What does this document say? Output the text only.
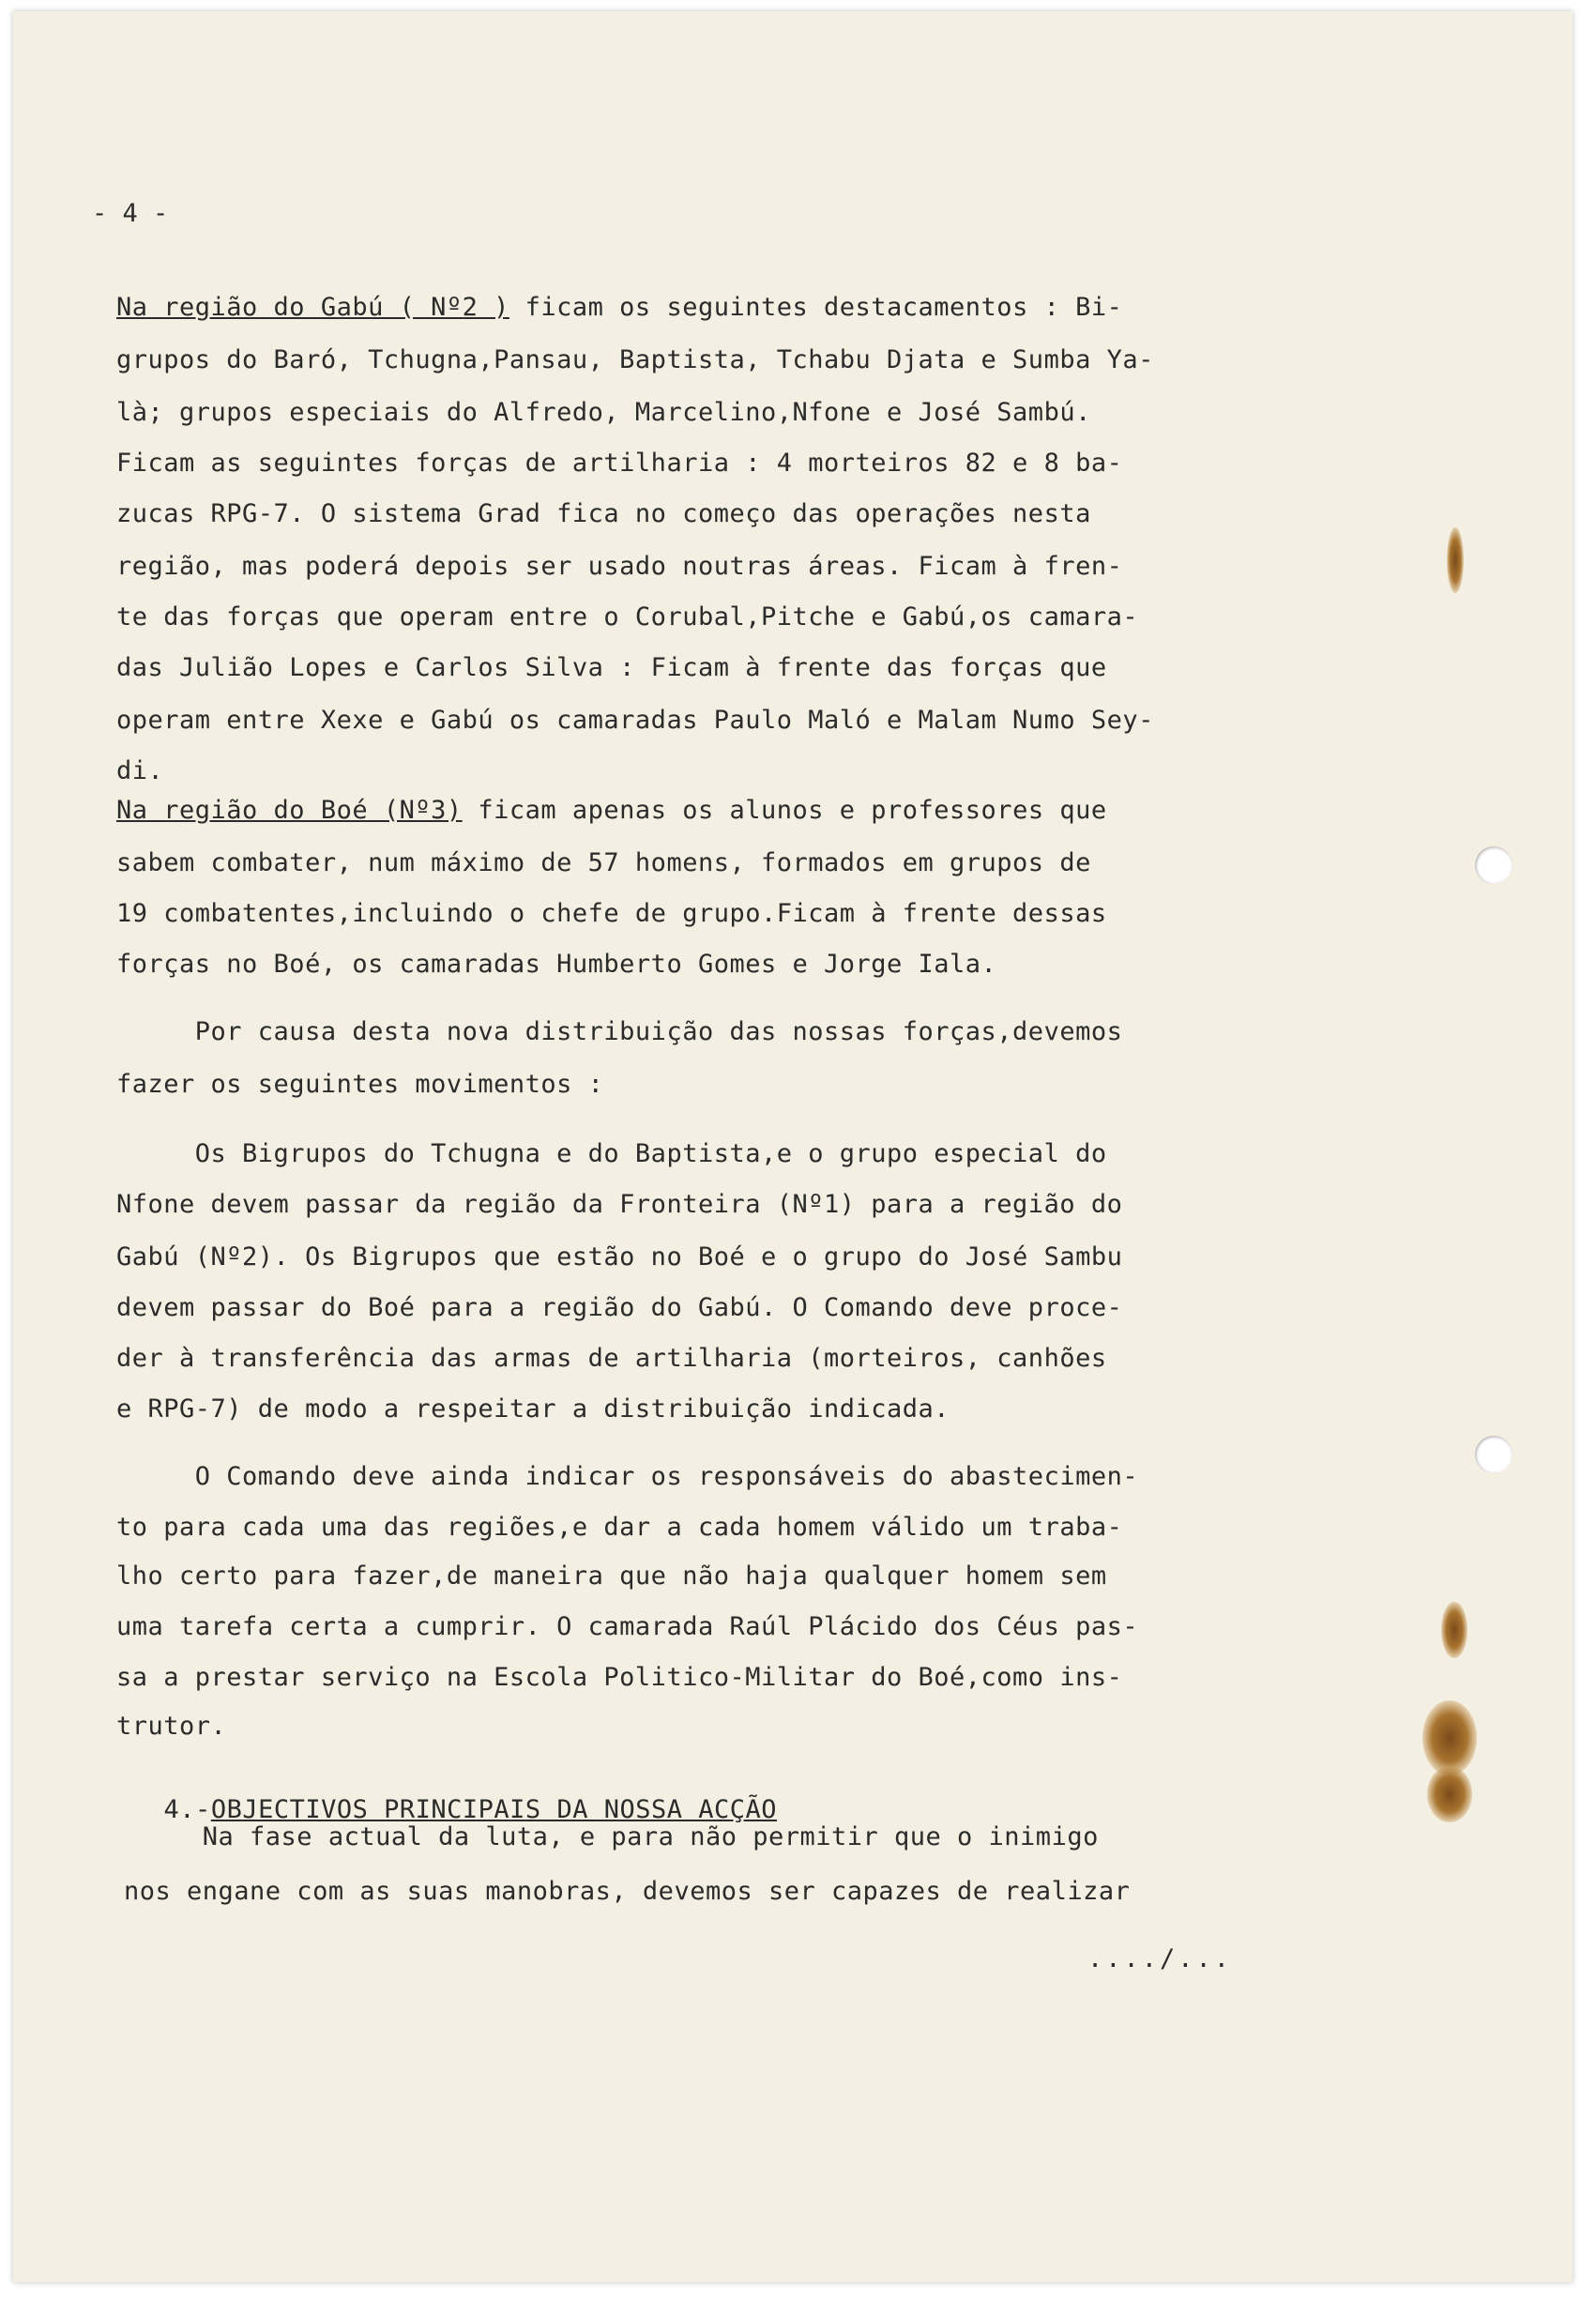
- 4 -
Na região do Gabú ( Nº2 ) ficam os seguintes destacamentos : Bi-
grupos do Baró, Tchugna,Pansau, Baptista, Tchabu Djata e Sumba Ya-
là; grupos especiais do Alfredo, Marcelino,Nfone e José Sambú.
Ficam as seguintes forças de artilharia : 4 morteiros 82 e 8 ba-
zucas RPG-7. O sistema Grad fica no começo das operações nesta
região, mas poderá depois ser usado noutras áreas. Ficam à fren-
te das forças que operam entre o Corubal,Pitche e Gabú,os camara-
das Julião Lopes e Carlos Silva : Ficam à frente das forças que
operam entre Xexe e Gabú os camaradas Paulo Maló e Malam Numo Sey-
di.
Na região do Boé (Nº3) ficam apenas os alunos e professores que
sabem combater, num máximo de 57 homens, formados em grupos de
19 combatentes,incluindo o chefe de grupo.Ficam à frente dessas
forças no Boé, os camaradas Humberto Gomes e Jorge Iala.
Por causa desta nova distribuição das nossas forças,devemos
fazer os seguintes movimentos :
Os Bigrupos do Tchugna e do Baptista,e o grupo especial do
Nfone devem passar da região da Fronteira (Nº1) para a região do
Gabú (Nº2). Os Bigrupos que estão no Boé e o grupo do José Sambu
devem passar do Boé para a região do Gabú. O Comando deve proce-
der à transferência das armas de artilharia (morteiros, canhões
e RPG-7) de modo a respeitar a distribuição indicada.
O Comando deve ainda indicar os responsáveis do abastecimen-
to para cada uma das regiões,e dar a cada homem válido um traba-
lho certo para fazer,de maneira que não haja qualquer homem sem
uma tarefa certa a cumprir. O camarada Raúl Plácido dos Céus pas-
sa a prestar serviço na Escola Politico-Militar do Boé,como ins-
trutor.

4.-OBJECTIVOS PRINCIPAIS DA NOSSA ACÇÃO

Na fase actual da luta, e para não permitir que o inimigo
nos engane com as suas manobras, devemos ser capazes de realizar
..../...
